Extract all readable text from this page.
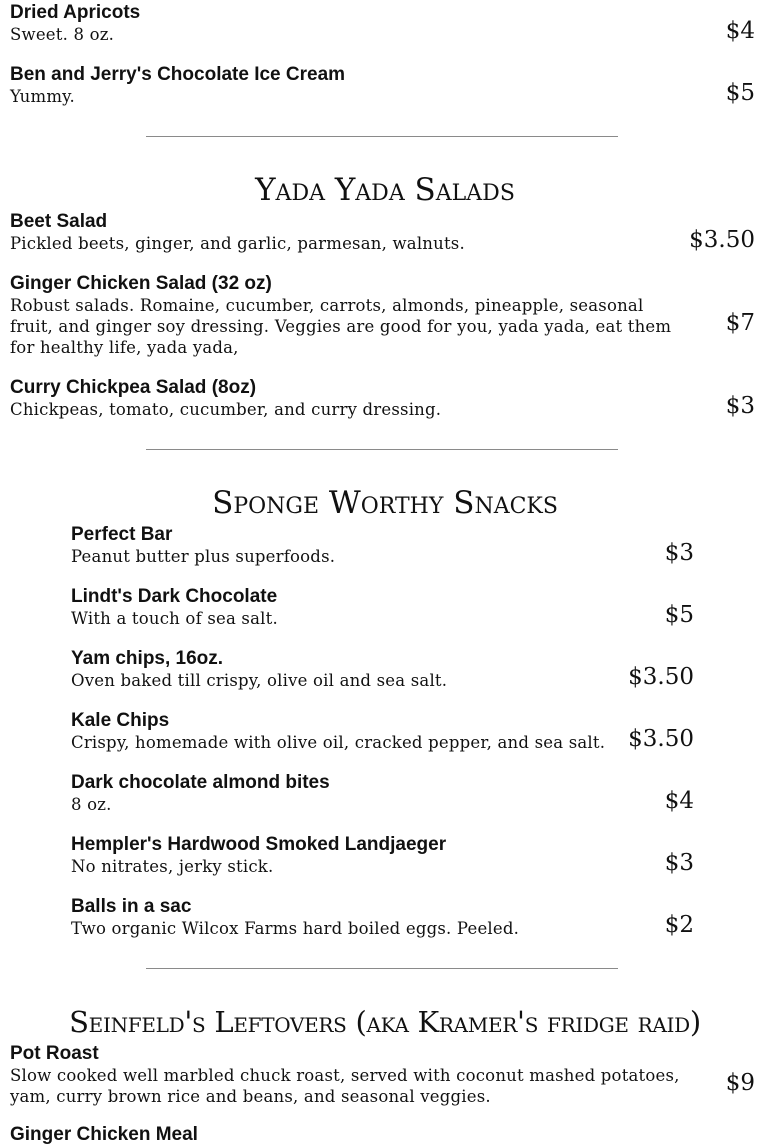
Dried Apricots
Sweet. 8 oz.	$4
Ben and Jerry's Chocolate Ice Cream
Yummy.	$5
Yada Yada Salads
Beet Salad
Pickled beets, ginger, and garlic, parmesan, walnuts.	$3.50
Ginger Chicken Salad (32 oz)
Robust salads. Romaine, cucumber, carrots, almonds, pineapple, seasonal fruit, and ginger soy dressing. Veggies are good for you, yada yada, eat them for healthy life, yada yada,
$7
Curry Chickpea Salad (8oz)
Chickpeas, tomato, cucumber, and curry dressing.	$3
Sponge Worthy Snacks
Perfect Bar
Peanut butter plus superfoods.	$3
Lindt's Dark Chocolate
With a touch of sea salt.	$5
Yam chips, 16oz.
Oven baked till crispy, olive oil and sea salt.	$3.50
Kale Chips
Crispy, homemade with olive oil, cracked pepper, and sea salt. $3.50
Dark chocolate almond bites
8 oz.	$4
Hempler's Hardwood Smoked Landjaeger
No nitrates, jerky stick.	$3
Balls in a sac
Two organic Wilcox Farms hard boiled eggs. Peeled.	$2
Seinfeld's Leftovers (aka Kramer's fridge raid)
Pot Roast
Slow cooked well marbled chuck roast, served with coconut mashed potatoes, yam, curry brown rice and beans, and seasonal veggies.
$9
Ginger Chicken Meal
